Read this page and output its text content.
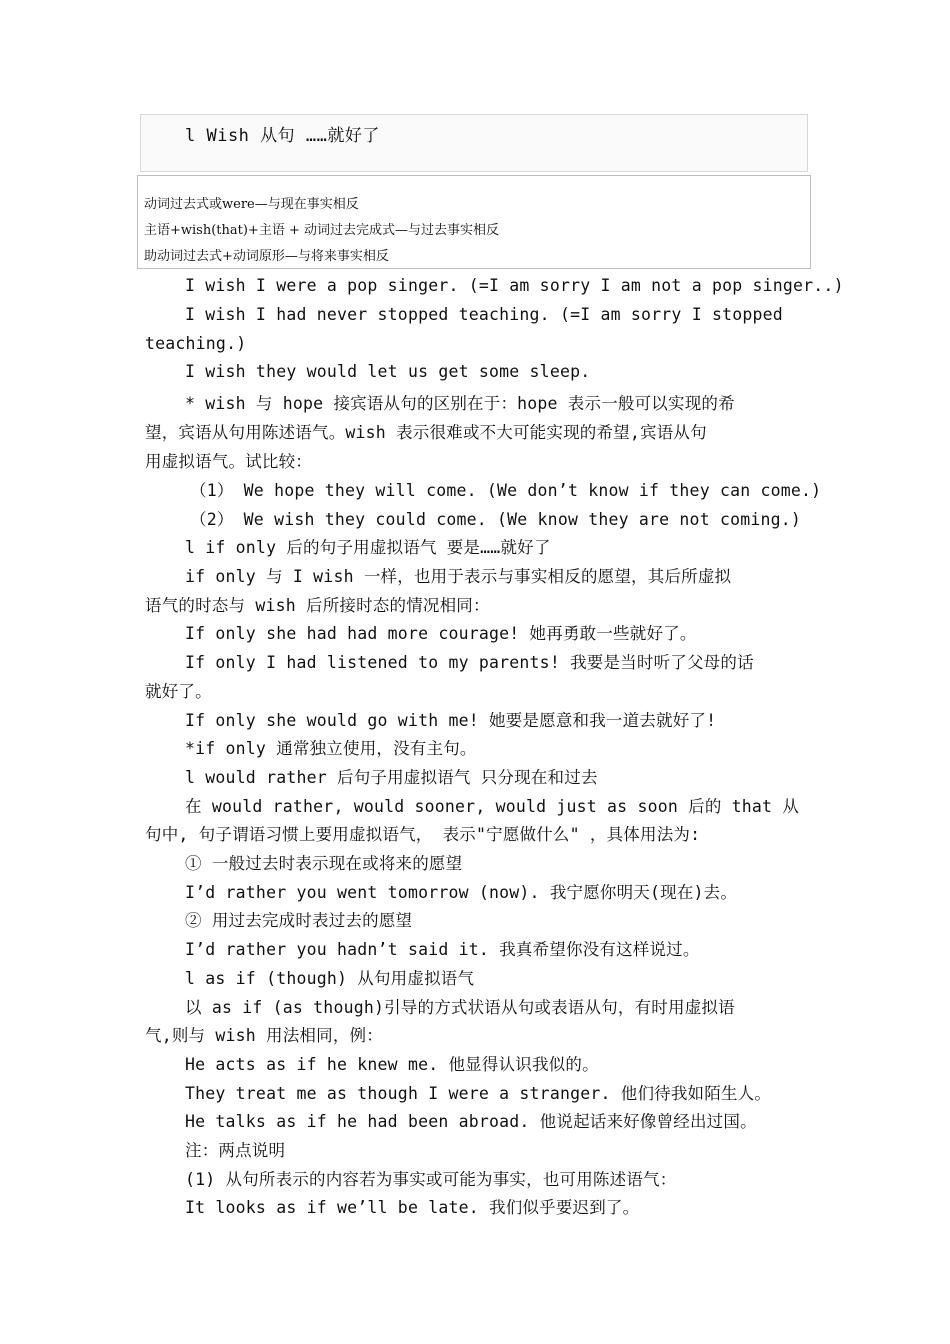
l Wish 从句 ……就好了
动词过去式或were—与现在事实相反
主语+wish(that)+主语 + 动词过去完成式—与过去事实相反
助动词过去式+动词原形—与将来事实相反
I wish I were a pop singer. (=I am sorry I am not a pop singer..)
I wish I had never stopped teaching. (=I am sorry I stopped
teaching.)
I wish they would let us get some sleep.
* wish 与 hope 接宾语从句的区别在于：hope 表示一般可以实现的希
望，宾语从句用陈述语气。wish 表示很难或不大可能实现的希望,宾语从句
用虚拟语气。试比较：
（1） We hope they will come. (We don’t know if they can come.)
（2） We wish they could come. (We know they are not coming.)
l if only 后的句子用虚拟语气 要是……就好了
if only 与 I wish 一样，也用于表示与事实相反的愿望，其后所虚拟
语气的时态与 wish 后所接时态的情况相同：
If only she had had more courage! 她再勇敢一些就好了。
If only I had listened to my parents! 我要是当时听了父母的话
就好了。
If only she would go with me! 她要是愿意和我一道去就好了!
*if only 通常独立使用，没有主句。
l would rather 后句子用虚拟语气 只分现在和过去
在 would rather, would sooner, would just as soon 后的 that 从
句中, 句子谓语习惯上要用虚拟语气， 表示"宁愿做什么" ，具体用法为:
① 一般过去时表示现在或将来的愿望
I’d rather you went tomorrow (now). 我宁愿你明天(现在)去。
② 用过去完成时表过去的愿望
I’d rather you hadn’t said it. 我真希望你没有这样说过。
l as if (though) 从句用虚拟语气
以 as if (as though)引导的方式状语从句或表语从句，有时用虚拟语
气,则与 wish 用法相同，例：
He acts as if he knew me. 他显得认识我似的。
They treat me as though I were a stranger. 他们待我如陌生人。
He talks as if he had been abroad. 他说起话来好像曾经出过国。
注：两点说明
(1) 从句所表示的内容若为事实或可能为事实，也可用陈述语气：
It looks as if we’ll be late. 我们似乎要迟到了。
